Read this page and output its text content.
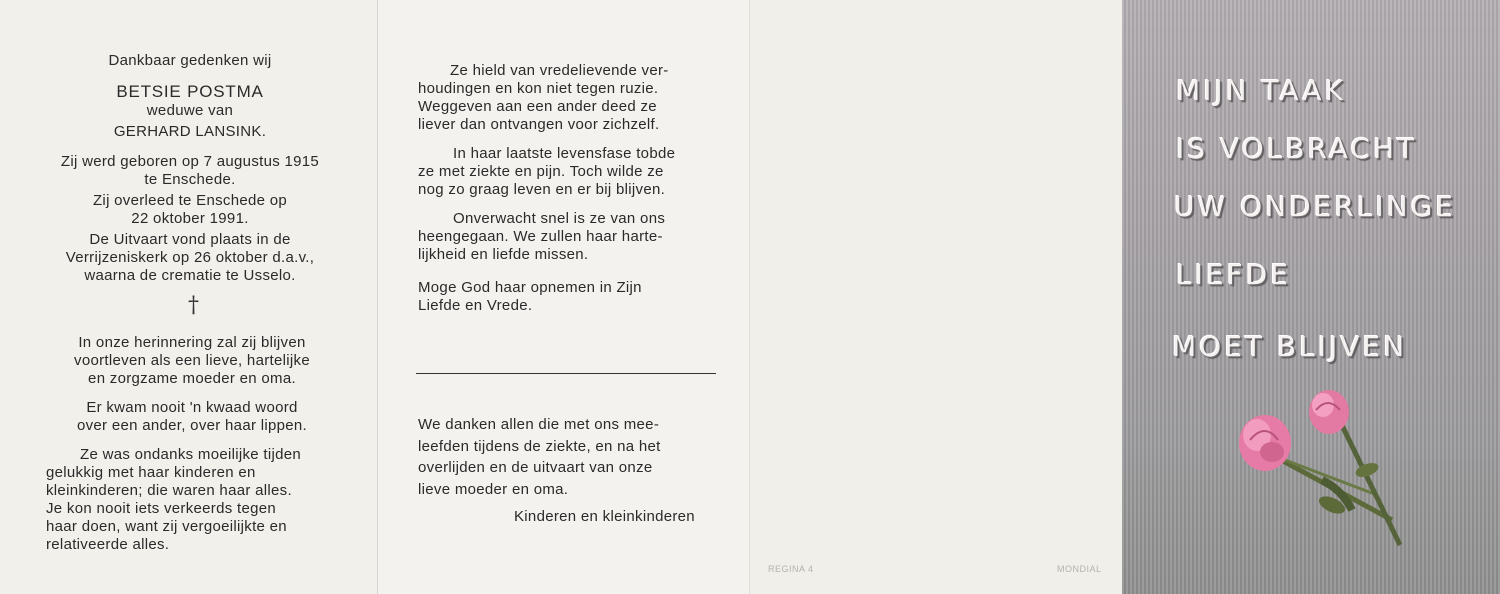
Dankbaar gedenken wij
BETSIE POSTMA
weduwe van
GERHARD LANSINK.
Zij werd geboren op 7 augustus 1915
te Enschede.
Zij overleed te Enschede op
22 oktober 1991.
De Uitvaart vond plaats in de
Verrijzeniskerk op 26 oktober d.a.v.,
waarna de crematie te Usselo.
†
In onze herinnering zal zij blijven
voortleven als een lieve, hartelijke
en zorgzame moeder en oma.
Er kwam nooit 'n kwaad woord
over een ander, over haar lippen.
Ze was ondanks moeilijke tijden
gelukkig met haar kinderen en
kleinkinderen; die waren haar alles.
Je kon nooit iets verkeerds tegen
haar doen, want zij vergoeilijkte en
relativeerde alles.
Ze hield van vredelievende ver-
houdingen en kon niet tegen ruzie.
Weggeven aan een ander deed ze
liever dan ontvangen voor zichzelf.
In haar laatste levensfase tobde
ze met ziekte en pijn. Toch wilde ze
nog zo graag leven en er bij blijven.
Onverwacht snel is ze van ons
heengegaan. We zullen haar harte-
lijkheid en liefde missen.
Moge God haar opnemen in Zijn
Liefde en Vrede.
We danken allen die met ons mee-
leefden tijdens de ziekte, en na het
overlijden en de uitvaart van onze
lieve moeder en oma.
Kinderen en kleinkinderen
REGINA 4	MONDIAL
MIJN TAAK
IS VOLBRACHT
UW ONDERLINGE
LIEFDE
MOET BLIJVEN
